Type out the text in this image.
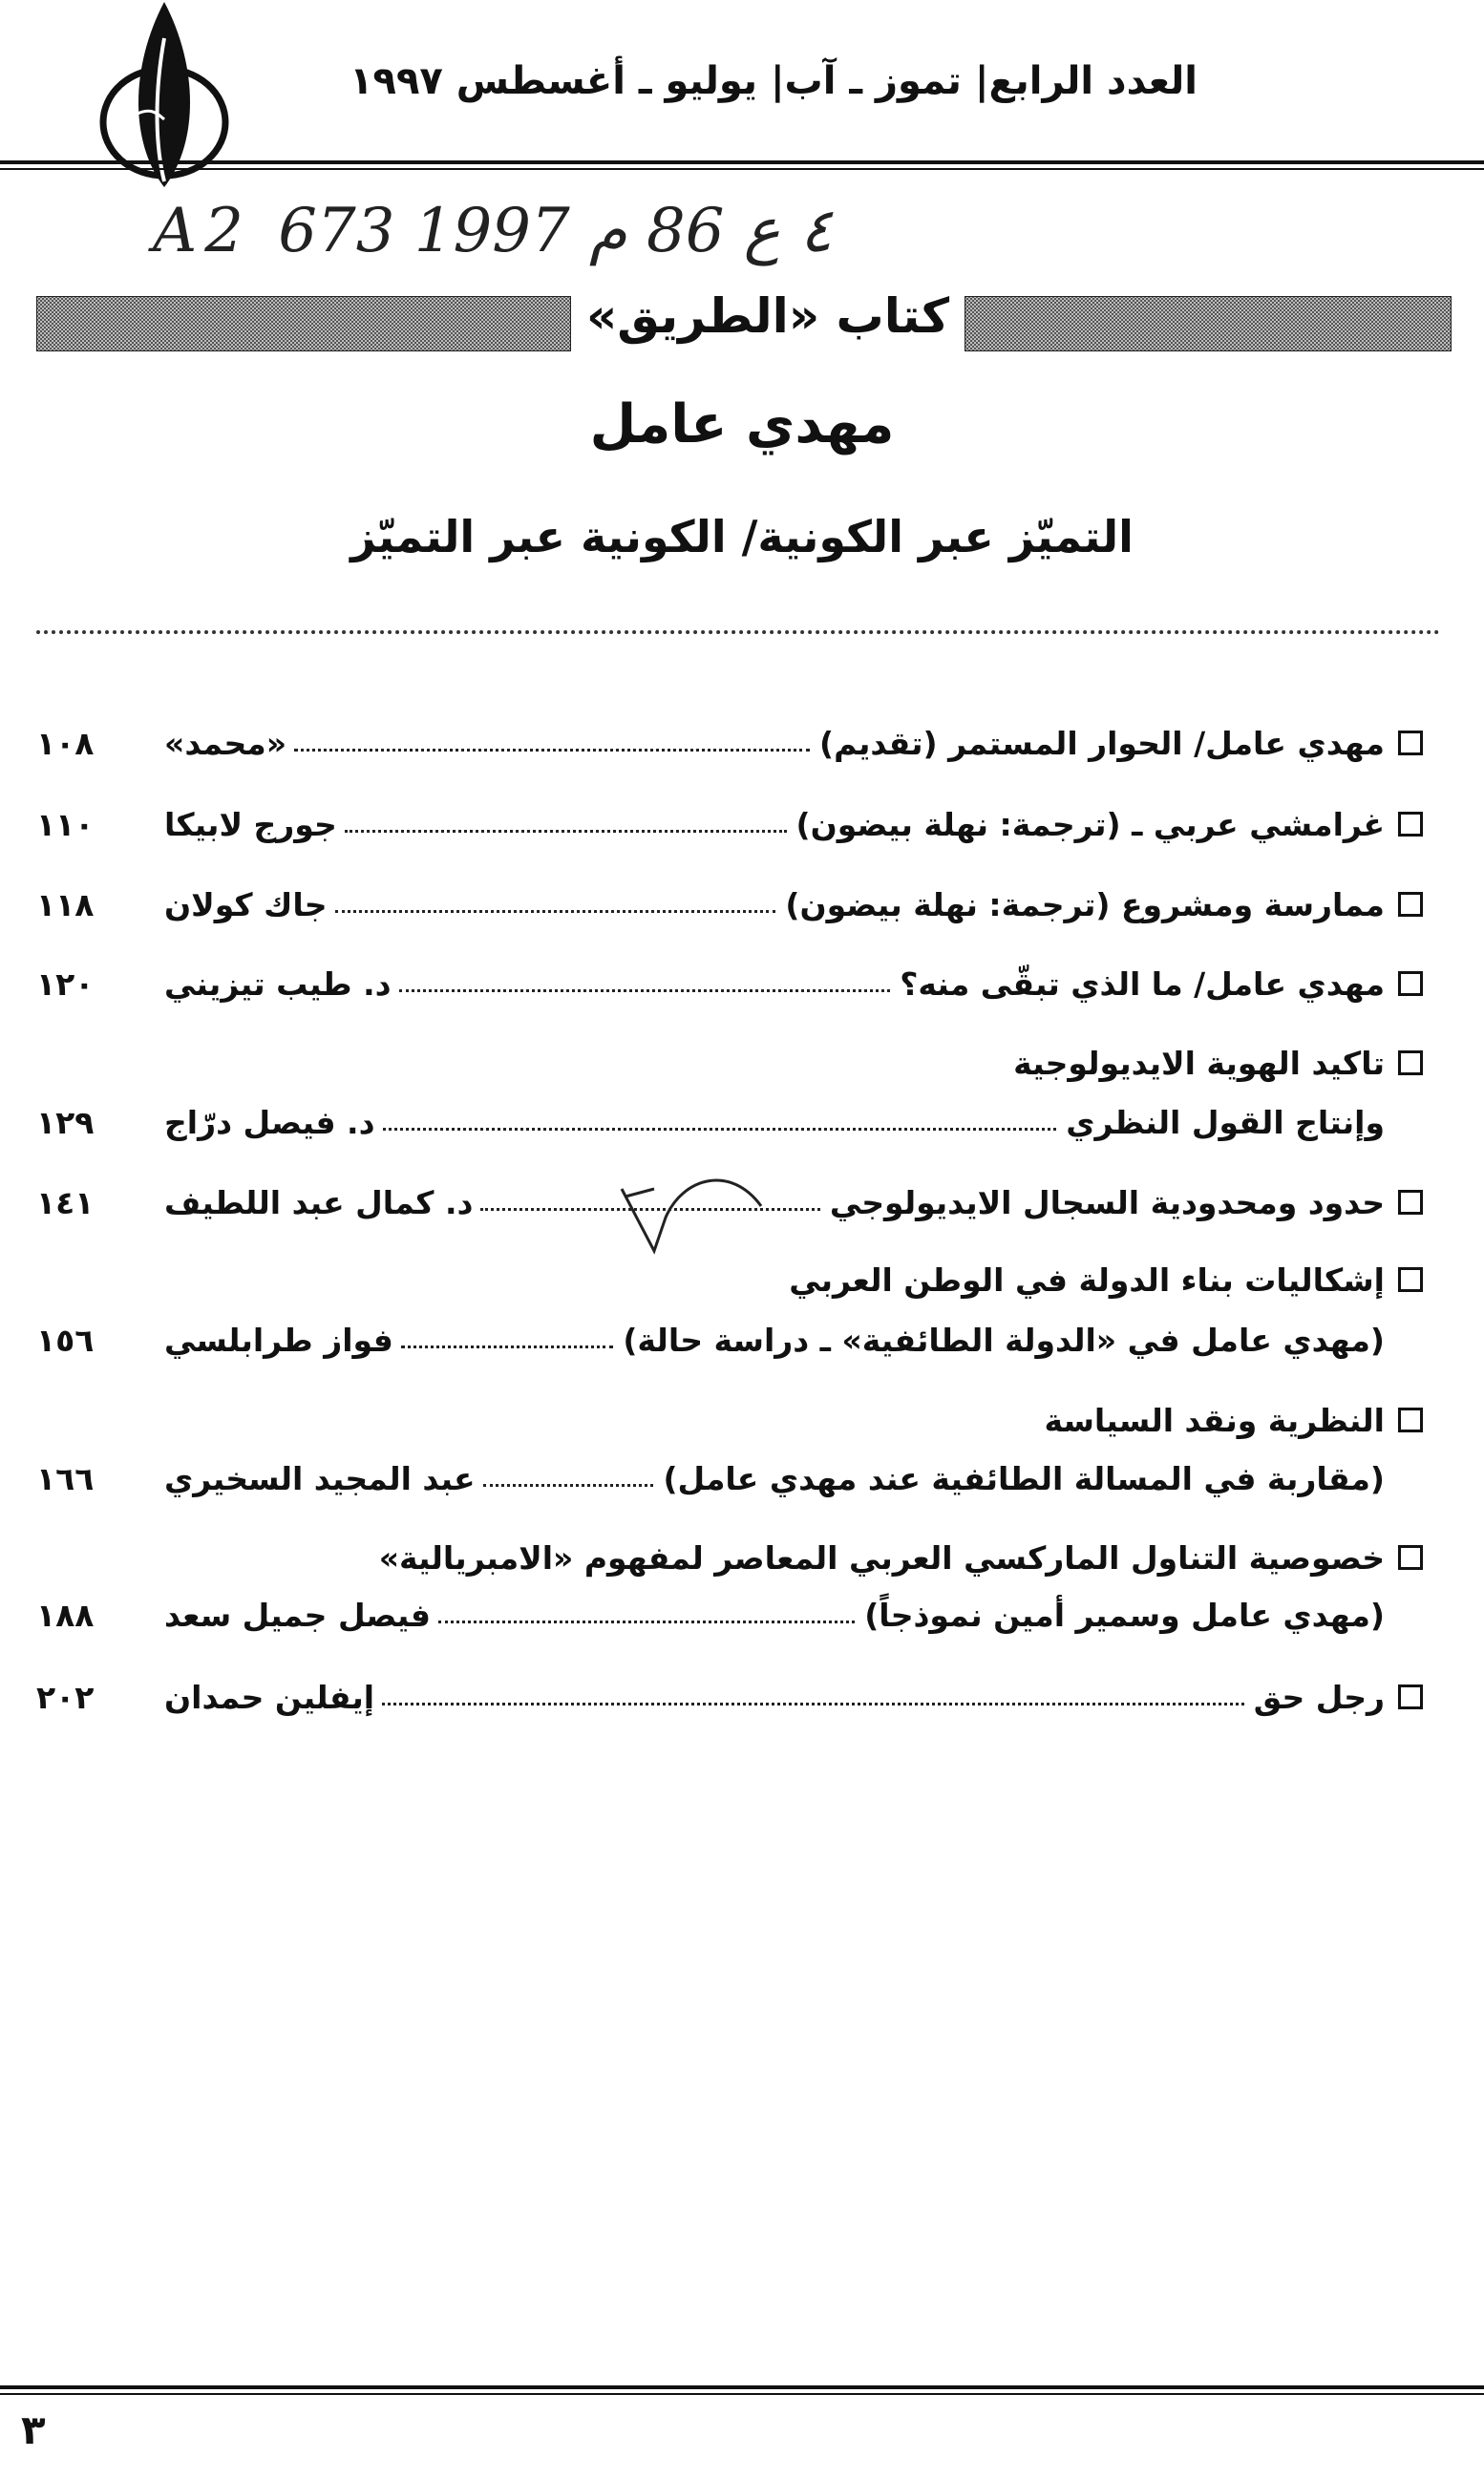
العدد الرابع| تموز ـ آب| يوليو ـ أغسطس ١٩٩٧
A2 ٤ ع 86 م 1997 673
كتاب «الطريق»
مهدي عامل
التميّز عبر الكونية/ الكونية عبر التميّز
مهدي عامل/ الحوار المستمر (تقديم)
«محمد»
١٠٨
غرامشي عربي ـ (ترجمة: نهلة بيضون)
جورج لابيكا
١١٠
ممارسة ومشروع (ترجمة: نهلة بيضون)
جاك كولان
١١٨
مهدي عامل/ ما الذي تبقّى منه؟
د. طيب تيزيني
١٢٠
تاكيد الهوية الايديولوجية
وإنتاج القول النظري
د. فيصل درّاج
١٢٩
حدود ومحدودية السجال الايديولوجي
د. كمال عبد اللطيف
١٤١
إشكاليات بناء الدولة في الوطن العربي
(مهدي عامل في «الدولة الطائفية» ـ دراسة حالة)
فواز طرابلسي
١٥٦
النظرية ونقد السياسة
(مقاربة في المسالة الطائفية عند مهدي عامل)
عبد المجيد السخيري
١٦٦
خصوصية التناول الماركسي العربي المعاصر لمفهوم «الامبريالية»
(مهدي عامل وسمير أمين نموذجاً)
فيصل جميل سعد
١٨٨
رجل حق
إيفلين حمدان
٢٠٢
٣
